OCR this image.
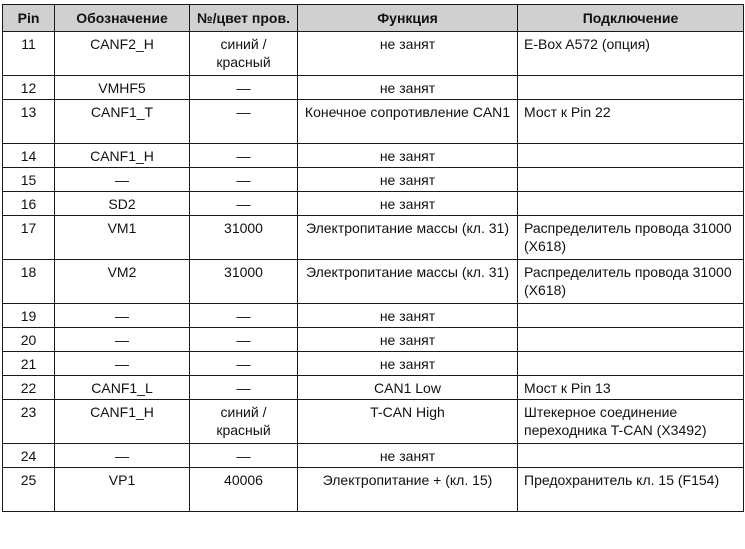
Pin	Обозначение	№/цвет пров.	Функция	Подключение
11	CANF2_H	синий /красный	не занят	E-Box A572 (опция)
12	VMHF5	—	не занят	
13	CANF1_T	—	Конечное сопротивление CAN1	Мост к Pin 22
14	CANF1_H	—	не занят	
15	—	—	не занят	
16	SD2	—	не занят	
17	VM1	31000	Электропитание массы (кл. 31)	Распределитель провода 31000 (X618)
18	VM2	31000	Электропитание массы (кл. 31)	Распределитель провода 31000 (X618)
19	—	—	не занят	
20	—	—	не занят	
21	—	—	не занят	
22	CANF1_L	—	CAN1 Low	Мост к Pin 13
23	CANF1_H	синий /красный	T-CAN High	Штекерное соединение переходника T-CAN (X3492)
24	—	—	не занят	
25	VP1	40006	Электропитание + (кл. 15)	Предохранитель кл. 15 (F154)
